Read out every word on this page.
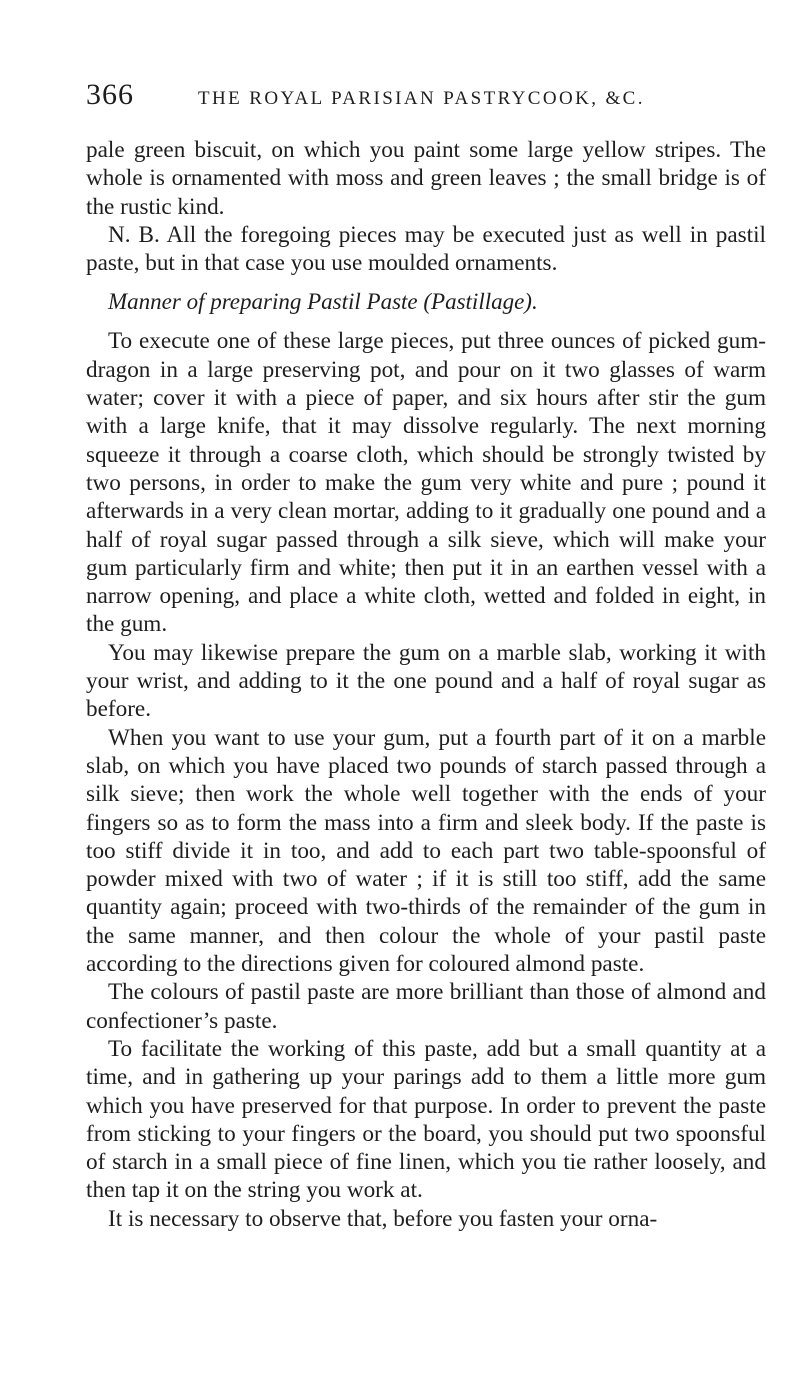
366	THE ROYAL PARISIAN PASTRYCOOK, &C.

pale green biscuit, on which you paint some large yellow stripes. The whole is ornamented with moss and green leaves ; the small bridge is of the rustic kind.

N. B. All the foregoing pieces may be executed just as well in pastil paste, but in that case you use moulded ornaments.

Manner of preparing Pastil Paste (Pastillage).

To execute one of these large pieces, put three ounces of picked gum-dragon in a large preserving pot, and pour on it two glasses of warm water; cover it with a piece of paper, and six hours after stir the gum with a large knife, that it may dissolve regularly. The next morning squeeze it through a coarse cloth, which should be strongly twisted by two persons, in order to make the gum very white and pure ; pound it afterwards in a very clean mortar, adding to it gradually one pound and a half of royal sugar passed through a silk sieve, which will make your gum particularly firm and white; then put it in an earthen vessel with a narrow opening, and place a white cloth, wetted and folded in eight, in the gum.

You may likewise prepare the gum on a marble slab, working it with your wrist, and adding to it the one pound and a half of royal sugar as before.

When you want to use your gum, put a fourth part of it on a marble slab, on which you have placed two pounds of starch passed through a silk sieve; then work the whole well together with the ends of your fingers so as to form the mass into a firm and sleek body. If the paste is too stiff divide it in too, and add to each part two table-spoonsful of powder mixed with two of water ; if it is still too stiff, add the same quantity again; proceed with two-thirds of the remainder of the gum in the same manner, and then colour the whole of your pastil paste according to the directions given for coloured almond paste.

The colours of pastil paste are more brilliant than those of almond and confectioner’s paste.

To facilitate the working of this paste, add but a small quantity at a time, and in gathering up your parings add to them a little more gum which you have preserved for that purpose. In order to prevent the paste from sticking to your fingers or the board, you should put two spoonsful of starch in a small piece of fine linen, which you tie rather loosely, and then tap it on the string you work at.

It is necessary to observe that, before you fasten your orna-
